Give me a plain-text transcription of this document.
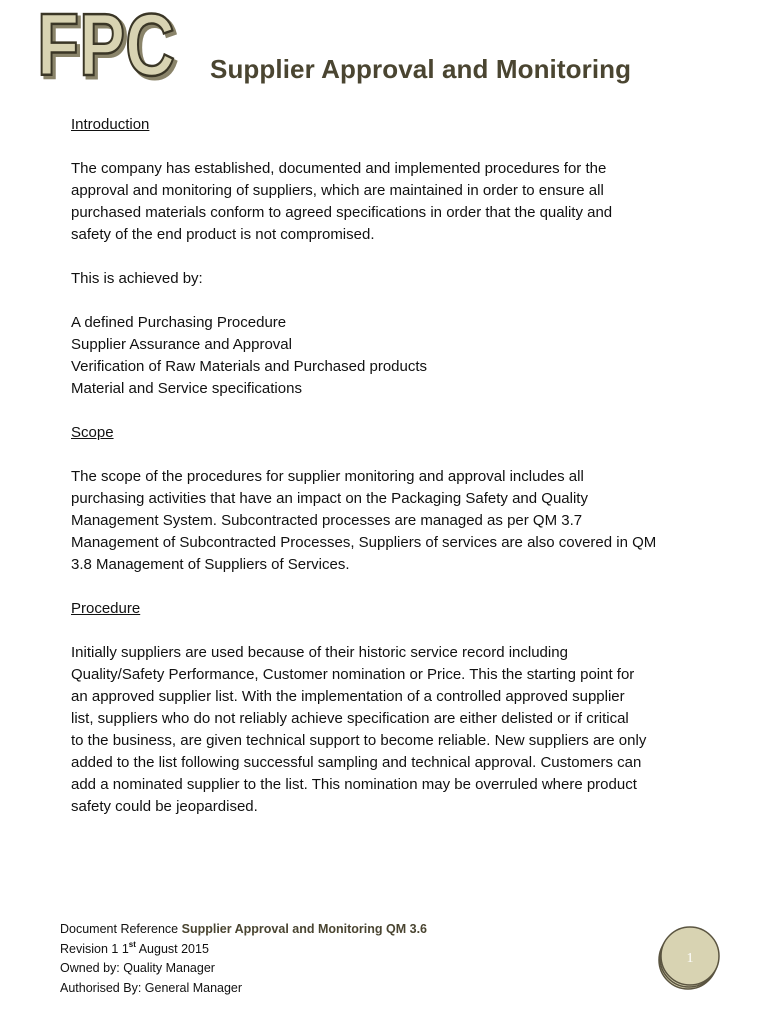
FPC
FPC Supplier Approval and Monitoring

Introduction

The company has established, documented and implemented procedures for the
approval and monitoring of suppliers, which are maintained in order to ensure all
purchased materials conform to agreed specifications in order that the quality and
safety of the end product is not compromised.

This is achieved by:

A defined Purchasing Procedure
Supplier Assurance and Approval
Verification of Raw Materials and Purchased products
Material and Service specifications

Scope

The scope of the procedures for supplier monitoring and approval includes all
purchasing activities that have an impact on the Packaging Safety and Quality
Management System. Subcontracted processes are managed as per QM 3.7
Management of Subcontracted Processes, Suppliers of services are also covered in QM
3.8 Management of Suppliers of Services.

Procedure

Initially suppliers are used because of their historic service record including
Quality/Safety Performance, Customer nomination or Price. This the starting point for
an approved supplier list. With the implementation of a controlled approved supplier
list, suppliers who do not reliably achieve specification are either delisted or if critical
to the business, are given technical support to become reliable. New suppliers are only
added to the list following successful sampling and technical approval. Customers can
add a nominated supplier to the list. This nomination may be overruled where product
safety could be jeopardised.

Document Reference Supplier Approval and Monitoring QM 3.6
Revision 1 1st August 2015
Owned by: Quality Manager
Authorised By: General Manager
1
